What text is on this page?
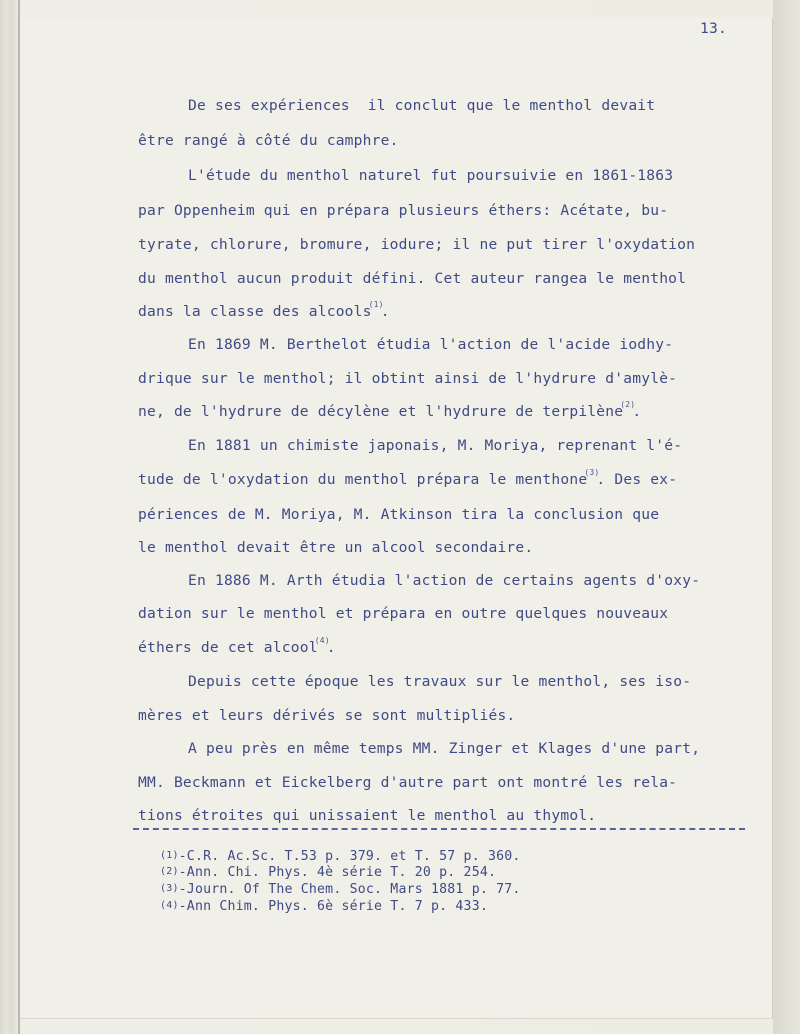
13.
De ses expériences  il conclut que le menthol devait
être rangé à côté du camphre.
L'étude du menthol naturel fut poursuivie en 1861-1863
par Oppenheim qui en prépara plusieurs éthers: Acétate, bu-
tyrate, chlorure, bromure, iodure; il ne put tirer l'oxydation
du menthol aucun produit défini. Cet auteur rangea le menthol
dans la classe des alcools$^{(1)}$.
En 1869 M. Berthelot étudia l'action de l'acide iodhy-
drique sur le menthol; il obtint ainsi de l'hydrure d'amylè-
ne, de l'hydrure de décylène et l'hydrure de terpilène$^{(2)}$.
En 1881 un chimiste japonais, M. Moriya, reprenant l'é-
tude de l'oxydation du menthol prépara le menthone$^{(3)}$. Des ex-
périences de M. Moriya, M. Atkinson tira la conclusion que
le menthol devait être un alcool secondaire.
En 1886 M. Arth étudia l'action de certains agents d'oxy-
dation sur le menthol et prépara en outre quelques nouveaux
éthers de cet alcool$^{(4)}$.
Depuis cette époque les travaux sur le menthol, ses iso-
mères et leurs dérivés se sont multipliés.
A peu près en même temps MM. Zinger et Klages d'une part,
MM. Beckmann et Eickelberg d'autre part ont montré les rela-
tions étroites qui unissaient le menthol au thymol.
(1)-C.R. Ac.Sc. T.53 p. 379. et T. 57 p. 360.
(2)-Ann. Chi. Phys. 4è série T. 20 p. 254.
(3)-Journ. Of The Chem. Soc. Mars 1881 p. 77.
(4)-Ann Chim. Phys. 6è série T. 7 p. 433.
